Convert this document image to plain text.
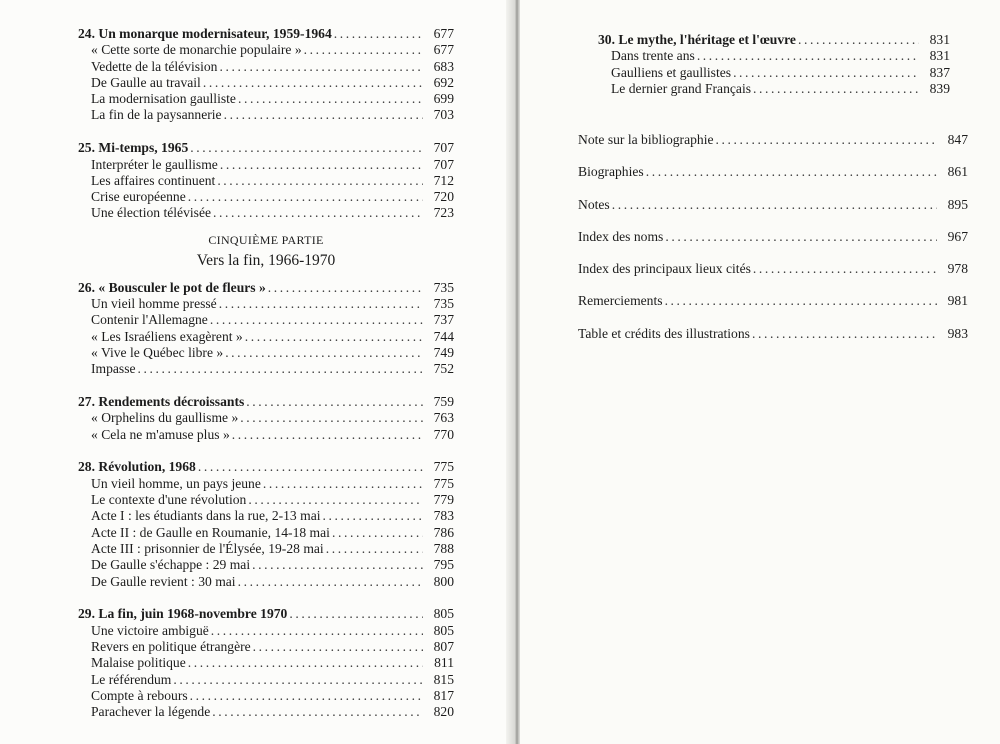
24. Un monarque modernisateur, 1959-1964 .....	677
« Cette sorte de monarchie populaire » .....	677
Vedette de la télévision .....	683
De Gaulle au travail .....	692
La modernisation gaulliste .....	699
La fin de la paysannerie .....	703
25. Mi-temps, 1965 .....	707
Interpréter le gaullisme .....	707
Les affaires continuent .....	712
Crise européenne .....	720
Une élection télévisée .....	723
CINQUIÈME PARTIE
Vers la fin, 1966-1970
26. « Bousculer le pot de fleurs » .....	735
Un vieil homme pressé .....	735
Contenir l'Allemagne .....	737
« Les Israéliens exagèrent » .....	744
« Vive le Québec libre » .....	749
Impasse .....	752
27. Rendements décroissants .....	759
« Orphelins du gaullisme » .....	763
« Cela ne m'amuse plus » .....	770
28. Révolution, 1968 .....	775
Un vieil homme, un pays jeune .....	775
Le contexte d'une révolution .....	779
Acte I : les étudiants dans la rue, 2-13 mai .....	783
Acte II : de Gaulle en Roumanie, 14-18 mai .....	786
Acte III : prisonnier de l'Élysée, 19-28 mai .....	788
De Gaulle s'échappe : 29 mai .....	795
De Gaulle revient : 30 mai .....	800
29. La fin, juin 1968-novembre 1970 .....	805
Une victoire ambiguë .....	805
Revers en politique étrangère .....	807
Malaise politique .....	811
Le référendum .....	815
Compte à rebours .....	817
Parachever la légende .....	820
30. Le mythe, l'héritage et l'œuvre .....	831
Dans trente ans .....	831
Gaulliens et gaullistes .....	837
Le dernier grand Français .....	839
Note sur la bibliographie .....	847
Biographies .....	861
Notes .....	895
Index des noms .....	967
Index des principaux lieux cités .....	978
Remerciements .....	981
Table et crédits des illustrations .....	983
